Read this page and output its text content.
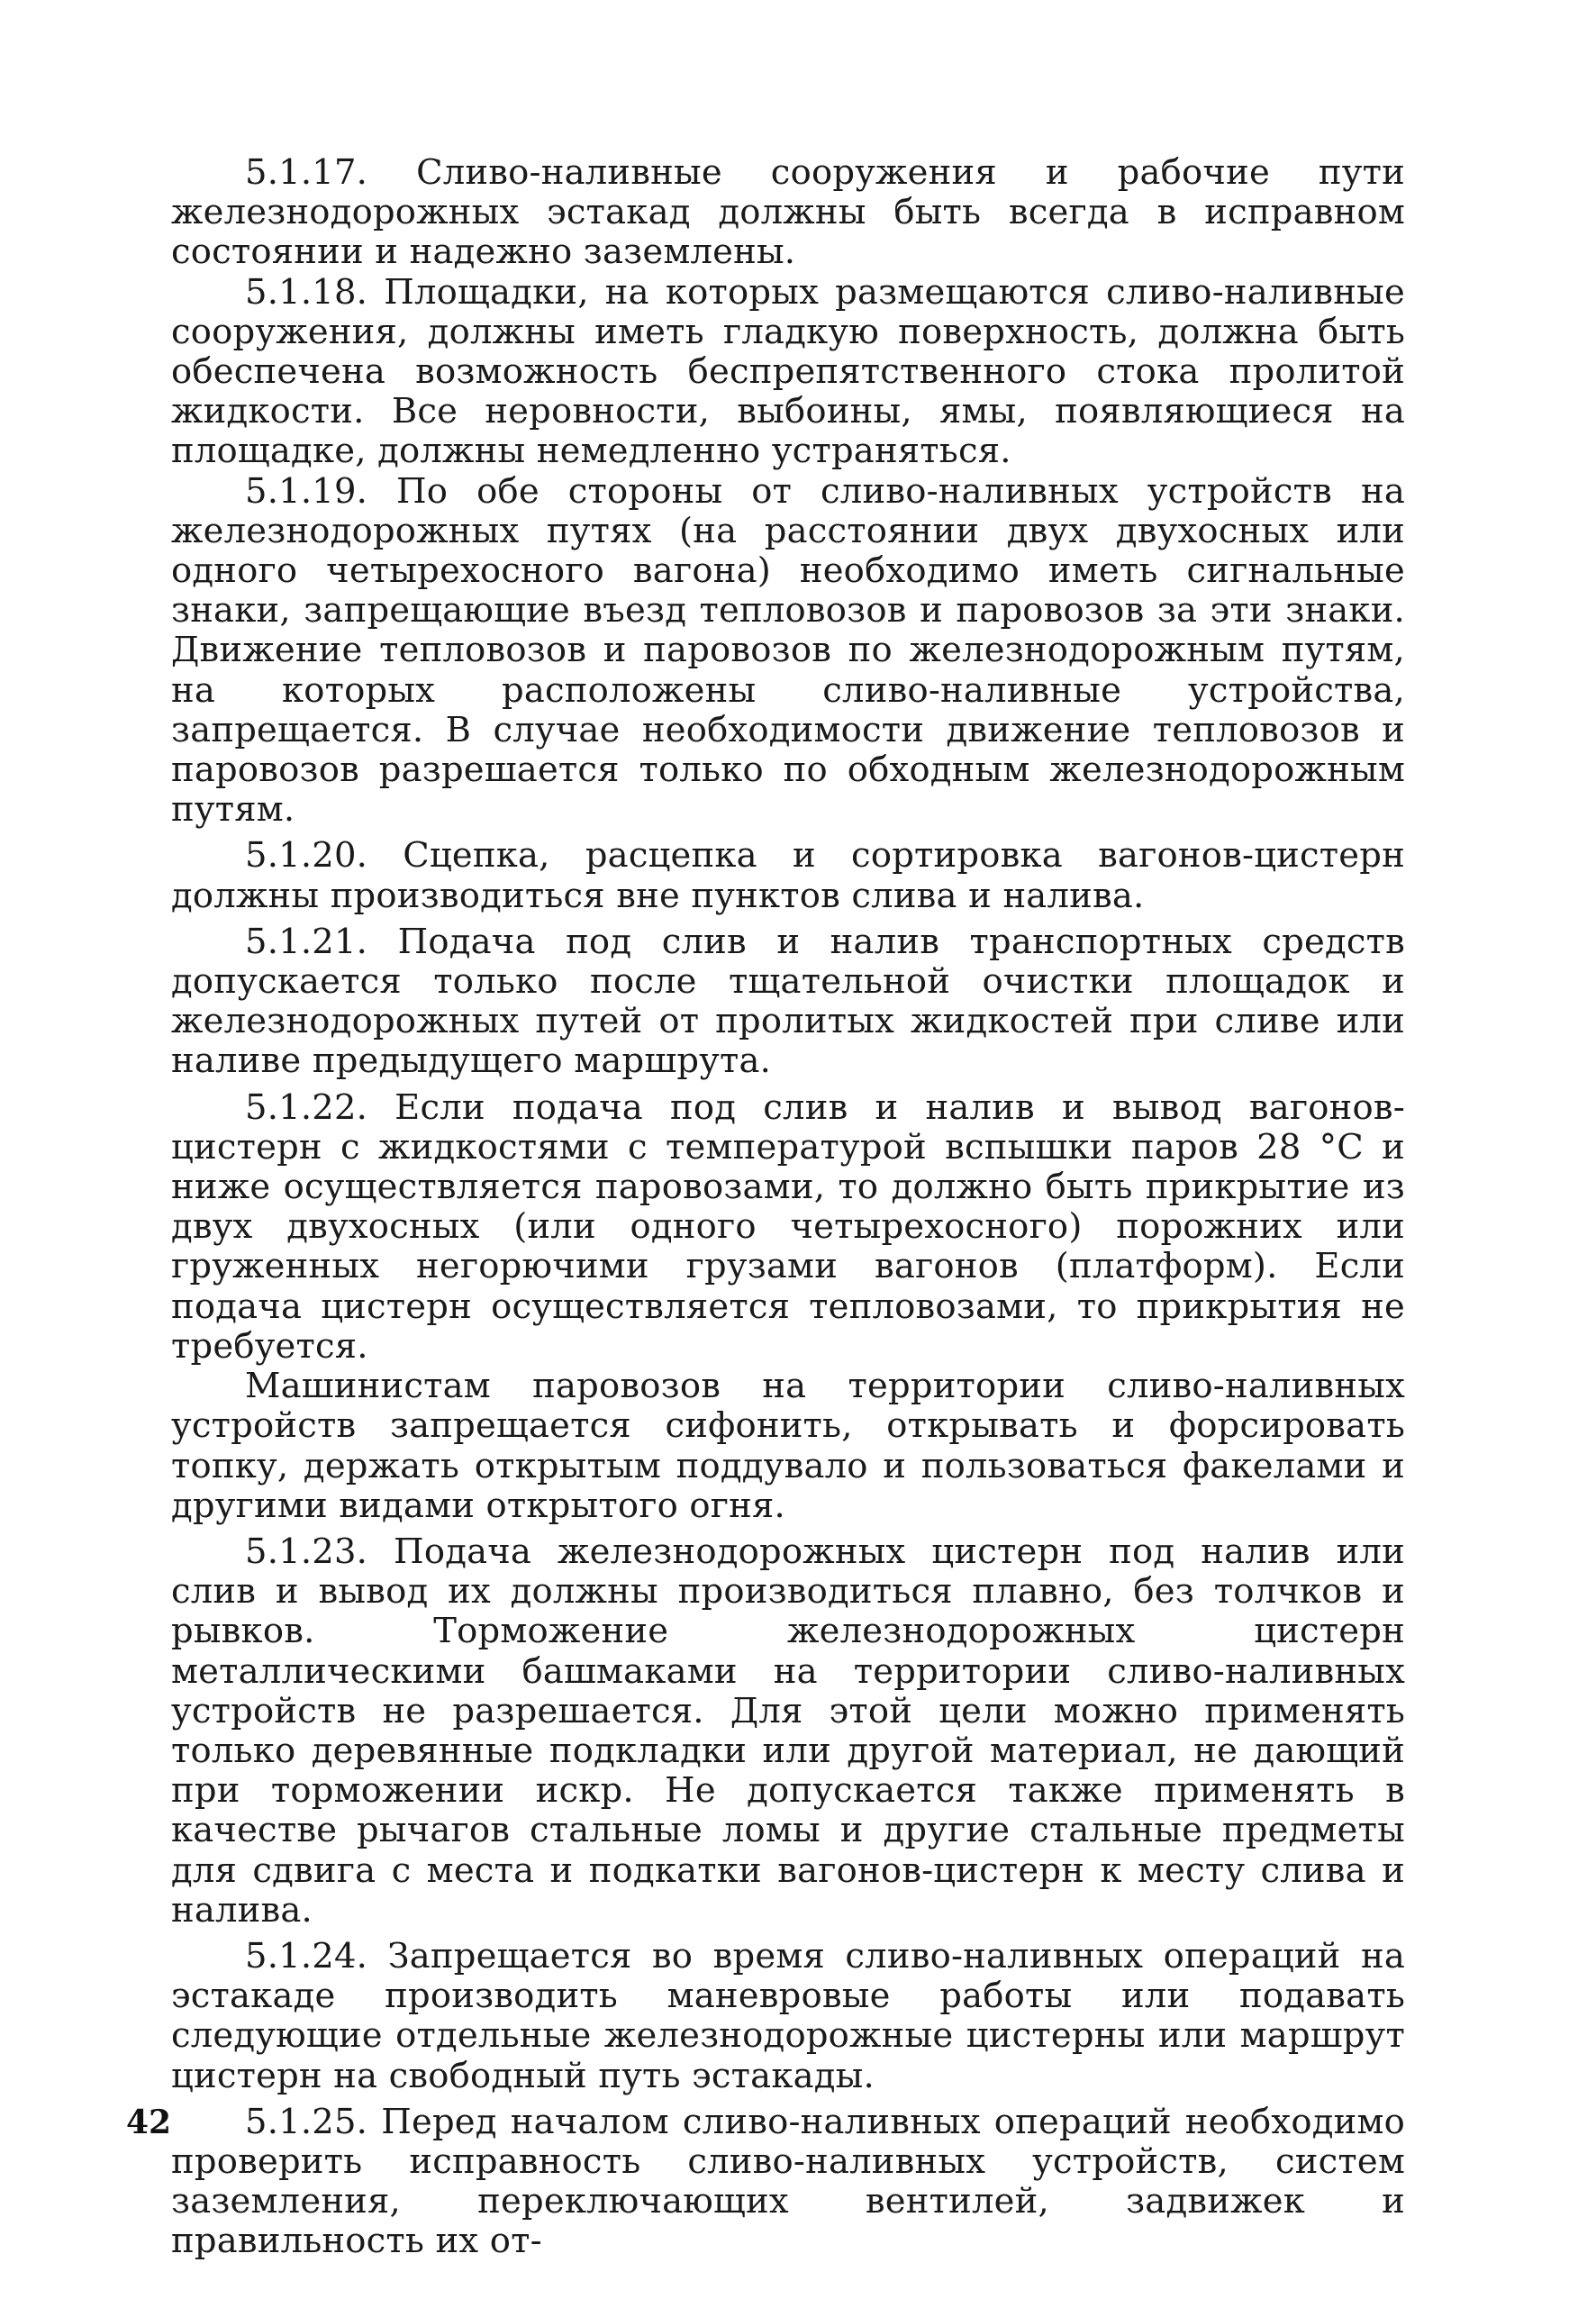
5.1.17. Сливо-наливные сооружения и рабочие пути железнодорожных эстакад должны быть всегда в исправном состоянии и надежно заземлены.

5.1.18. Площадки, на которых размещаются сливо-наливные сооружения, должны иметь гладкую поверхность, должна быть обеспечена возможность беспрепятственного стока пролитой жидкости. Все неровности, выбоины, ямы, появляющиеся на площадке, должны немедленно устраняться.

5.1.19. По обе стороны от сливо-наливных устройств на железнодорожных путях (на расстоянии двух двухосных или одного четырехосного вагона) необходимо иметь сигнальные знаки, запрещающие въезд тепловозов и паровозов за эти знаки. Движение тепловозов и паровозов по железнодорожным путям, на которых расположены сливо-наливные устройства, запрещается. В случае необходимости движение тепловозов и паровозов разрешается только по обходным железнодорожным путям.

5.1.20. Сцепка, расцепка и сортировка вагонов-цистерн должны производиться вне пунктов слива и налива.

5.1.21. Подача под слив и налив транспортных средств допускается только после тщательной очистки площадок и железнодорожных путей от пролитых жидкостей при сливе или наливе предыдущего маршрута.

5.1.22. Если подача под слив и налив и вывод вагонов-цистерн с жидкостями с температурой вспышки паров 28 °C и ниже осуществляется паровозами, то должно быть прикрытие из двух двухосных (или одного четырехосного) порожних или груженных негорючими грузами вагонов (платформ). Если подача цистерн осуществляется тепловозами, то прикрытия не требуется.

Машинистам паровозов на территории сливо-наливных устройств запрещается сифонить, открывать и форсировать топку, держать открытым поддувало и пользоваться факелами и другими видами открытого огня.

5.1.23. Подача железнодорожных цистерн под налив или слив и вывод их должны производиться плавно, без толчков и рывков. Торможение железнодорожных цистерн металлическими башмаками на территории сливо-наливных устройств не разрешается. Для этой цели можно применять только деревянные подкладки или другой материал, не дающий при торможении искр. Не допускается также применять в качестве рычагов стальные ломы и другие стальные предметы для сдвига с места и подкатки вагонов-цистерн к месту слива и налива.

5.1.24. Запрещается во время сливо-наливных операций на эстакаде производить маневровые работы или подавать следующие отдельные железнодорожные цистерны или маршрут цистерн на свободный путь эстакады.

5.1.25. Перед началом сливо-наливных операций необходимо проверить исправность сливо-наливных устройств, систем заземления, переключающих вентилей, задвижек и правильность их от-

42
